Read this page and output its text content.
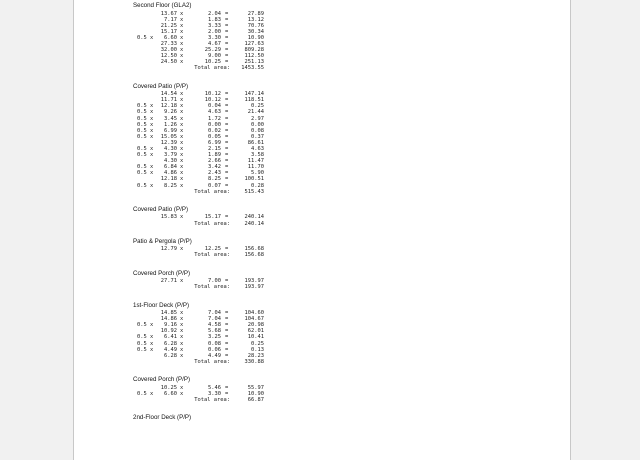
Second Floor (GLA2)
13.67 x	2.04 =	27.89
7.17 x	1.83 =	13.12
21.25 x	3.33 =	70.76
15.17 x	2.00 =	30.34
0.5 x	6.60 x	3.30 =	10.90
27.33 x	4.67 =	127.63
32.00 x	25.29 =	809.28
12.50 x	9.00 =	112.50
24.50 x	10.25 =	251.13
Total area:	1453.55
Covered Patio (P/P)
14.54 x	10.12 =	147.14
11.71 x	10.12 =	118.51
0.5 x	12.18 x	0.04 =	0.25
0.5 x	9.26 x	4.63 =	21.44
0.5 x	3.45 x	1.72 =	2.97
0.5 x	1.26 x	0.00 =	0.00
0.5 x	6.99 x	0.02 =	0.08
0.5 x	15.05 x	0.05 =	0.37
12.39 x	6.99 =	86.61
0.5 x	4.30 x	2.15 =	4.63
0.5 x	3.79 x	1.89 =	3.58
4.30 x	2.66 =	11.47
0.5 x	6.84 x	3.42 =	11.70
0.5 x	4.86 x	2.43 =	5.90
12.18 x	8.25 =	100.51
0.5 x	8.25 x	0.07 =	0.28
Total area:	515.43
Covered Patio (P/P)
15.83 x	15.17 =	240.14
Total area:	240.14
Patio & Pergola (P/P)
12.79 x	12.25 =	156.68
Total area:	156.68
Covered Porch (P/P)
27.71 x	7.00 =	193.97
Total area:	193.97
1st-Floor Deck (P/P)
14.85 x	7.04 =	104.60
14.86 x	7.04 =	104.67
0.5 x	9.16 x	4.58 =	20.98
10.92 x	5.68 =	62.01
0.5 x	6.41 x	3.25 =	10.41
0.5 x	6.28 x	0.08 =	0.25
0.5 x	4.49 x	0.06 =	0.13
6.28 x	4.49 =	28.23
Total area:	330.88
Covered Porch (P/P)
10.25 x	5.46 =	55.97
0.5 x	6.60 x	3.30 =	10.90
Total area:	66.87
2nd-Floor Deck (P/P)
